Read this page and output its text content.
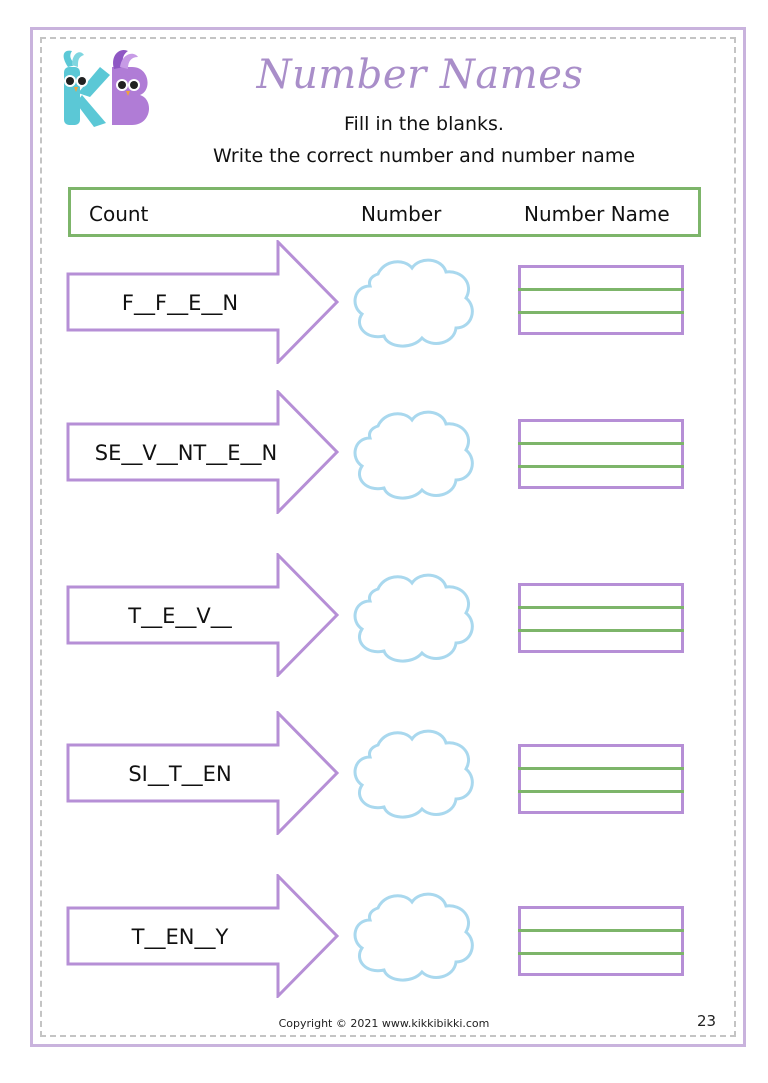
Number Names
Fill in the blanks.
Write the correct number and number name
Count	Number	Number Name
F__F__E__N
SE__V__NT__E__N
T__E__V__
SI__T__EN
T__EN__Y
Copyright © 2021 www.kikkibikki.com	23
